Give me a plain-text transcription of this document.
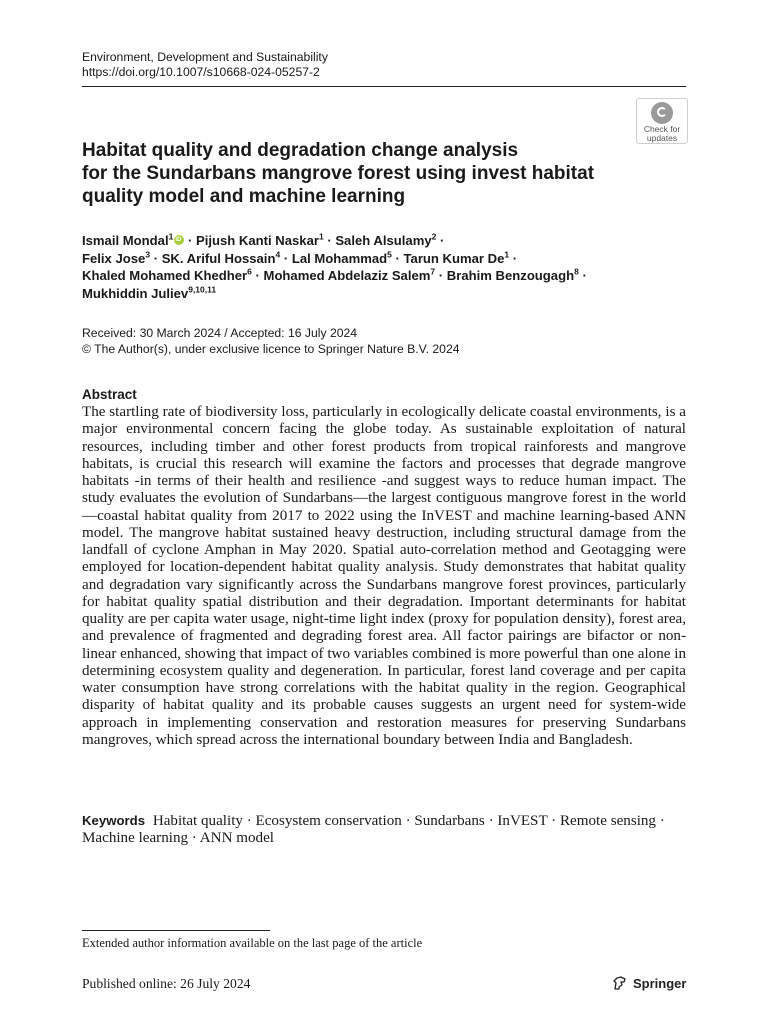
Environment, Development and Sustainability
https://doi.org/10.1007/s10668-024-05257-2
Check for
updates
Habitat quality and degradation change analysis
for the Sundarbans mangrove forest using invest habitat
quality model and machine learning
Ismail Mondal$^1$iD · Pijush Kanti Naskar$^1$ · Saleh Alsulamy$^2$ ·
Felix Jose$^3$ · SK. Ariful Hossain$^4$ · Lal Mohammad$^5$ · Tarun Kumar $De^1$ ·
Khaled Mohamed Khedher$^6$ · Mohamed Abdelaziz Salem$^7$ · Brahim Benzougagh$^8$ ·
Mukhiddin Juliev$^{9,10,11}$
Received: 30 March 2024 / Accepted: 16 July 2024
© The Author(s), under exclusive licence to Springer Nature B.V. 2024
Abstract

The startling rate of biodiversity loss, particularly in ecologically delicate coastal environments, is a major environmental concern facing the globe today. As sustainable exploitation of natural resources, including timber and other forest products from tropical rainforests and mangrove habitats, is crucial this research will examine the factors and processes that degrade mangrove habitats -in terms of their health and resilience -and suggest ways to reduce human impact. The study evaluates the evolution of Sundarbans—the largest contiguous mangrove forest in the world—coastal habitat quality from 2017 to 2022 using the InVEST and machine learning-based ANN model. The mangrove habitat sustained heavy destruction, including structural damage from the landfall of cyclone Amphan in May 2020. Spatial auto-correlation method and Geotagging were employed for location-dependent habitat quality analysis. Study demonstrates that habitat quality and degradation vary significantly across the Sundarbans mangrove forest provinces, particularly for habitat quality spatial distribution and their degradation. Important determinants for habitat quality are per capita water usage, night-time light index (proxy for population density), forest area, and prevalence of fragmented and degrading forest area. All factor pairings are bifactor or non-linear enhanced, showing that impact of two variables combined is more powerful than one alone in determining ecosystem quality and degeneration. In particular, forest land coverage and per capita water consumption have strong correlations with the habitat quality in the region. Geographical disparity of habitat quality and its probable causes suggests an urgent need for system-wide approach in implementing conservation and restoration measures for preserving Sundarbans mangroves, which spread across the international boundary between India and Bangladesh.

Keywords Habitat quality · Ecosystem conservation · Sundarbans · InVEST · Remote sensing · Machine learning · ANN model

Extended author information available on the last page of the article
Published online: 26 July 2024	Springer
